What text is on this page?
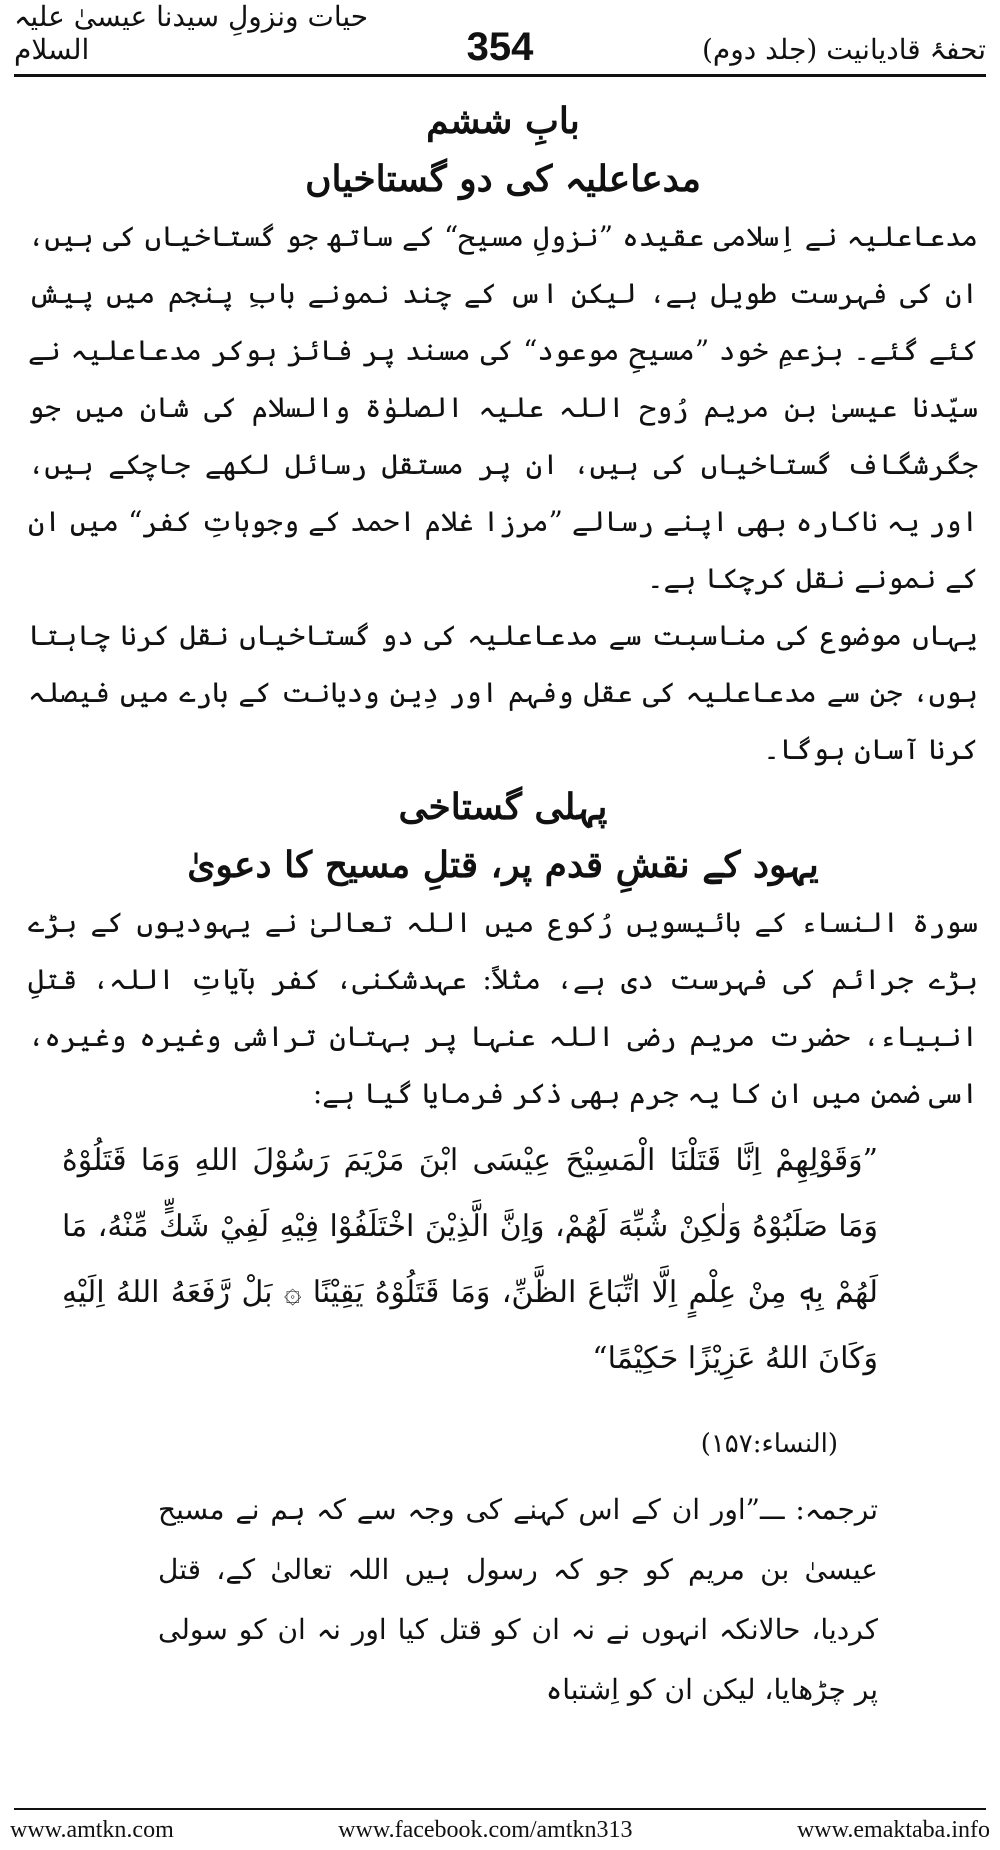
تحفۂ قادیانیت (جلد دوم)
354
حیات ونزولِ سیدنا عیسیٰ علیہ السلام

بابِ ششم

مدعاعلیہ کی دو گستاخیاں

مدعاعلیہ نے اِسلامی عقیدہ ”نزولِ مسیح“ کے ساتھ جو گستاخیاں کی ہیں، ان کی فہرست طویل ہے، لیکن اس کے چند نمونے بابِ پنجم میں پیش کئے گئے۔ بزعمِ خود ”مسیحِ موعود“ کی مسند پر فائز ہوکر مدعاعلیہ نے سیّدنا عیسیٰ بن مریم رُوح اللہ علیہ الصلوٰۃ والسلام کی شان میں جو جگرشگاف گستاخیاں کی ہیں، ان پر مستقل رسائل لکھے جاچکے ہیں، اور یہ ناکارہ بھی اپنے رسالے ”مرزا غلام احمد کے وجوہاتِ کفر“ میں ان کے نمونے نقل کرچکا ہے۔

یہاں موضوع کی مناسبت سے مدعاعلیہ کی دو گستاخیاں نقل کرنا چاہتا ہوں، جن سے مدعاعلیہ کی عقل وفہم اور دِین ودیانت کے بارے میں فیصلہ کرنا آسان ہوگا۔

پہلی گستاخی

یہود کے نقشِ قدم پر، قتلِ مسیح کا دعویٰ

سورۃ النساء کے بائیسویں رُکوع میں اللہ تعالیٰ نے یہودیوں کے بڑے بڑے جرائم کی فہرست دی ہے، مثلاً: عہدشکنی، کفر بآیاتِ اللہ، قتلِ انبیاء، حضرت مریم رضی اللہ عنہا پر بہتان تراشی وغیرہ وغیرہ، اسی ضمن میں ان کا یہ جرم بھی ذکر فرمایا گیا ہے:

”وَقَوْلِهِمْ اِنَّا قَتَلْنَا الْمَسِيْحَ عِيْسَى ابْنَ مَرْيَمَ رَسُوْلَ اللهِ وَمَا قَتَلُوْهُ وَمَا صَلَبُوْهُ وَلٰكِنْ شُبِّهَ لَهُمْ، وَاِنَّ الَّذِيْنَ اخْتَلَفُوْا فِيْهِ لَفِيْ شَكٍّ مِّنْهُ، مَا لَهُمْ بِهٖ مِنْ عِلْمٍ اِلَّا اتِّبَاعَ الظَّنِّ، وَمَا قَتَلُوْهُ يَقِيْنًا ۞ بَلْ رَّفَعَهُ اللهُ اِلَيْهِ وَكَانَ اللهُ عَزِيْزًا حَكِيْمًا“

(النساء:۱۵۷)

ترجمہ: ـــ”اور ان کے اس کہنے کی وجہ سے کہ ہم نے مسیح عیسیٰ بن مریم کو جو کہ رسول ہیں اللہ تعالیٰ کے، قتل کردیا، حالانکہ انہوں نے نہ ان کو قتل کیا اور نہ ان کو سولی پر چڑھایا، لیکن ان کو اِشتباہ

www.amtkn.com	www.facebook.com/amtkn313	www.emaktaba.info
